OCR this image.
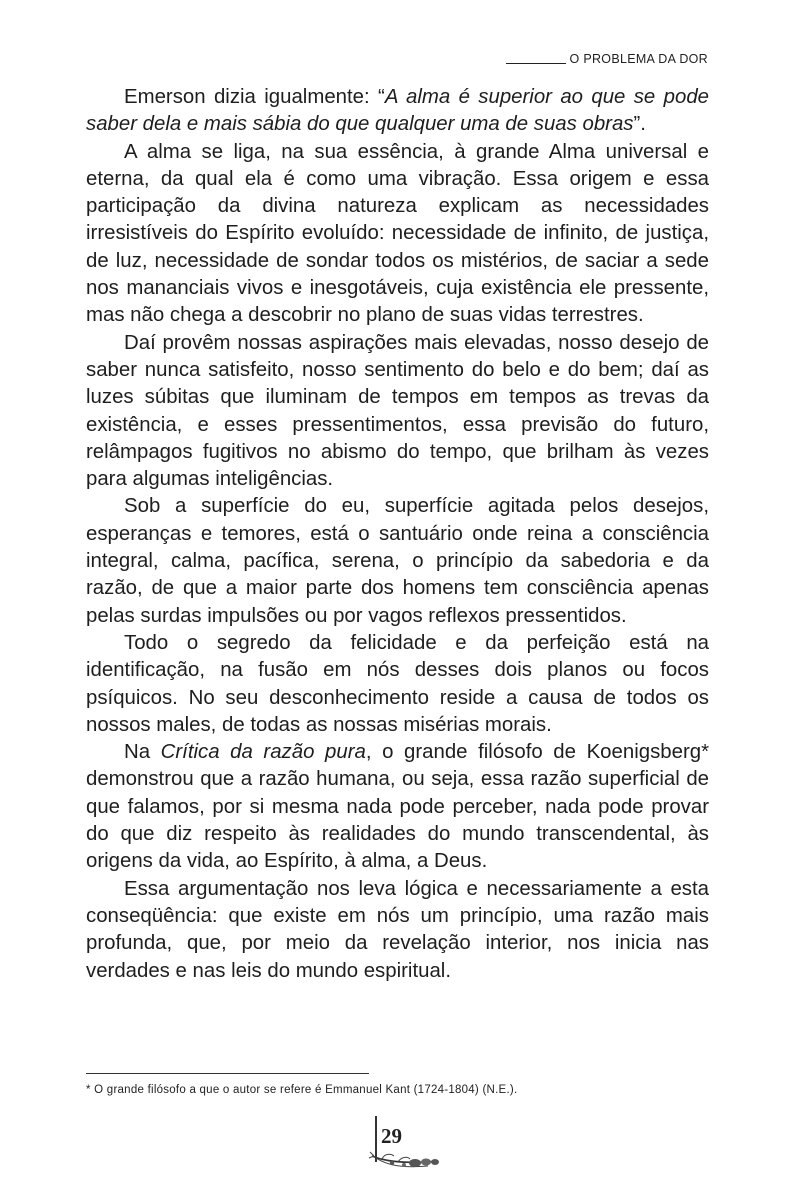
O PROBLEMA DA DOR

Emerson dizia igualmente: “A alma é superior ao que se pode saber dela e mais sábia do que qualquer uma de suas obras”.

A alma se liga, na sua essência, à grande Alma universal e eterna, da qual ela é como uma vibração. Essa origem e essa participação da divina natureza explicam as necessidades irresistíveis do Espírito evoluído: necessidade de infinito, de justiça, de luz, necessidade de sondar todos os mistérios, de saciar a sede nos mananciais vivos e inesgotáveis, cuja existência ele pressente, mas não chega a descobrir no plano de suas vidas terrestres.

Daí provêm nossas aspirações mais elevadas, nosso desejo de saber nunca satisfeito, nosso sentimento do belo e do bem; daí as luzes súbitas que iluminam de tempos em tempos as trevas da existência, e esses pressentimentos, essa previsão do futuro, relâmpagos fugitivos no abismo do tempo, que brilham às vezes para algumas inteligências.

Sob a superfície do eu, superfície agitada pelos desejos, esperanças e temores, está o santuário onde reina a consciência integral, calma, pacífica, serena, o princípio da sabedoria e da razão, de que a maior parte dos homens tem consciência apenas pelas surdas impulsões ou por vagos reflexos pressentidos.

Todo o segredo da felicidade e da perfeição está na identificação, na fusão em nós desses dois planos ou focos psíquicos. No seu desconhecimento reside a causa de todos os nossos males, de todas as nossas misérias morais.

Na Crítica da razão pura, o grande filósofo de Koenigsberg* demonstrou que a razão humana, ou seja, essa razão superficial de que falamos, por si mesma nada pode perceber, nada pode provar do que diz respeito às realidades do mundo transcendental, às origens da vida, ao Espírito, à alma, a Deus.

Essa argumentação nos leva lógica e necessariamente a esta conseqüência: que existe em nós um princípio, uma razão mais profunda, que, por meio da revelação interior, nos inicia nas verdades e nas leis do mundo espiritual.

* O grande filósofo a que o autor se refere é Emmanuel Kant (1724-1804) (N.E.).
29
